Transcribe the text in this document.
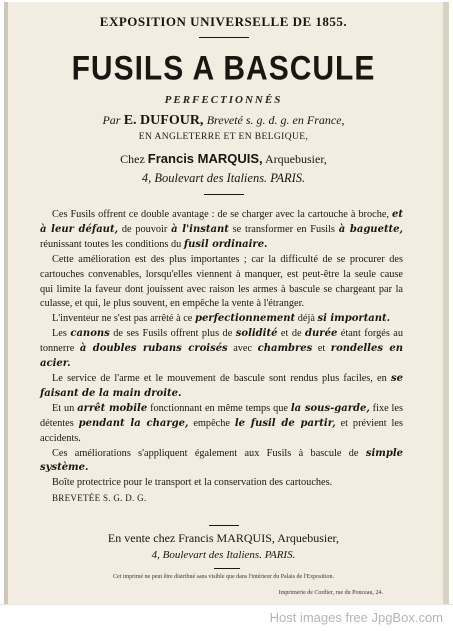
EXPOSITION UNIVERSELLE DE 1855.
FUSILS A BASCULE
PERFECTIONNÉS
Par E. DUFOUR, Breveté s. g. d. g. en France,
EN ANGLETERRE ET EN BELGIQUE,
Chez Francis MARQUIS, Arquebusier,
4, Boulevart des Italiens. PARIS.

Ces Fusils offrent ce double avantage : de se charger avec la cartouche à broche, et à leur défaut, de pouvoir à l'instant se transformer en Fusils à baguette, réunissant toutes les conditions du fusil ordinaire.

Cette amélioration est des plus importantes ; car la difficulté de se procurer des cartouches convenables, lorsqu'elles viennent à manquer, est peut-être la seule cause qui limite la faveur dont jouissent avec raison les armes à bascule se chargeant par la culasse, et qui, le plus souvent, en empêche la vente à l'étranger.

L'inventeur ne s'est pas arrêté à ce perfectionnement déjà si important.

Les canons de ses Fusils offrent plus de solidité et de durée étant forgés au tonnerre à doubles rubans croisés avec chambres et rondelles en acier.

Le service de l'arme et le mouvement de bascule sont rendus plus faciles, en se faisant de la main droite.

Et un arrêt mobile fonctionnant en même temps que la sous-garde, fixe les détentes pendant la charge, empêche le fusil de partir, et prévient les accidents.

Ces améliorations s'appliquent également aux Fusils à bascule de simple système.

Boîte protectrice pour le transport et la conservation des cartouches.

BREVETÉE S. G. D. G.

En vente chez Francis MARQUIS, Arquebusier,
4, Boulevart des Italiens. PARIS.
Cet imprimé ne peut être distribué sans visible que dans l'intérieur du Palais de l'Exposition.
Imprimerie de Cordier, rue du Ponceau, 24.
Host images free JpgBox.com
